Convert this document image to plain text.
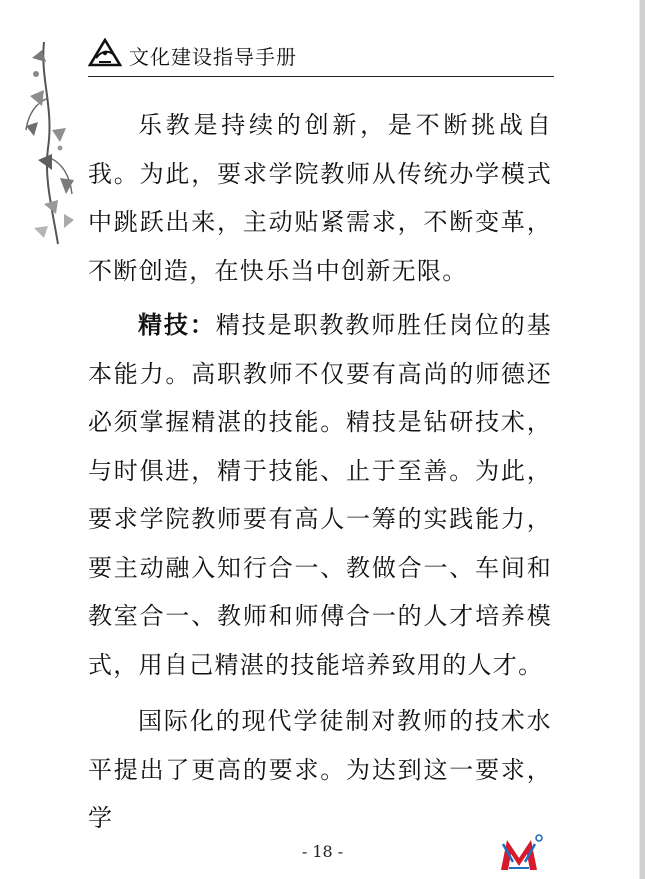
文化建设指导手册

乐教是持续的创新，是不断挑战自我。为此，要求学院教师从传统办学模式中跳跃出来，主动贴紧需求，不断变革，不断创造，在快乐当中创新无限。

精技：精技是职教教师胜任岗位的基本能力。高职教师不仅要有高尚的师德还必须掌握精湛的技能。精技是钻研技术，与时俱进，精于技能、止于至善。为此，要求学院教师要有高人一筹的实践能力，要主动融入知行合一、教做合一、车间和教室合一、教师和师傅合一的人才培养模式，用自己精湛的技能培养致用的人才。

国际化的现代学徒制对教师的技术水平提出了更高的要求。为达到这一要求，学

- 18 -
